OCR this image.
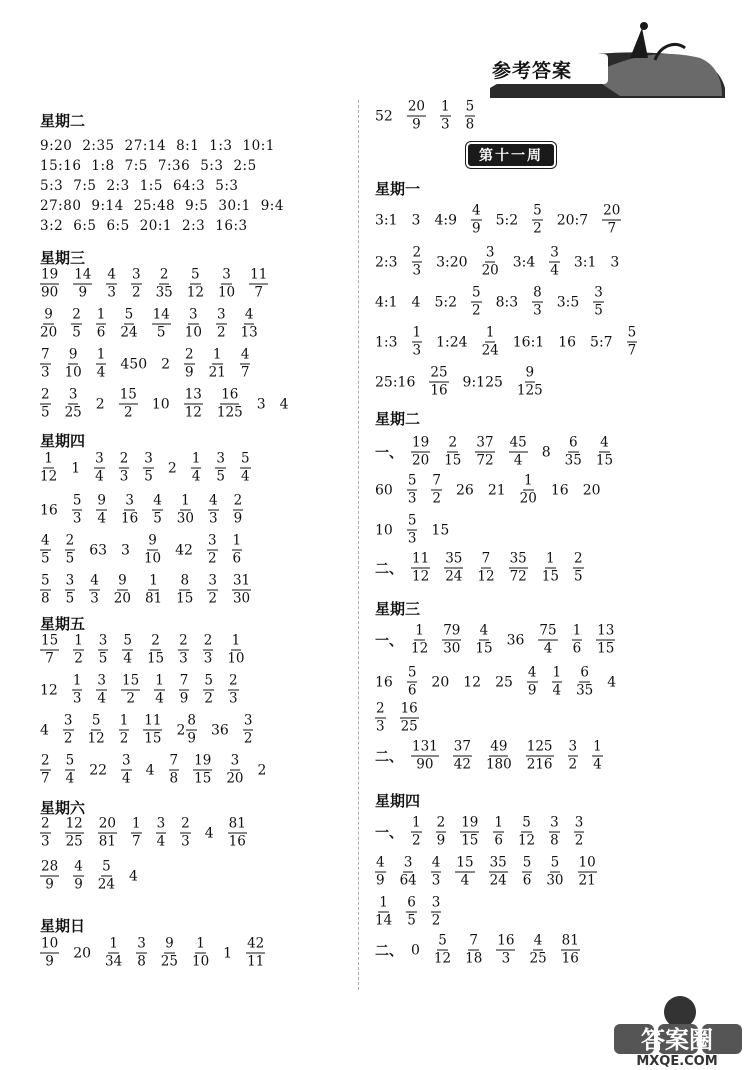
参考答案
星期二
9:20 2:35 27:14 8:1 1:3 10:1
15:16 1:8 7:5 7:36 5:3 2:5
5:3 7:5 2:3 1:5 64:3 5:3
27:80 9:14 25:48 9:5 30:1 9:4
3:2 6:5 6:5 20:1 2:3 16:3
星期三
$\frac{19}{90} \frac{14}{9} \frac{4}{3} \frac{3}{2} \frac{2}{35} \frac{5}{12} \frac{3}{10} \frac{11}{7}$
$\frac{9}{20} \frac{2}{5} \frac{1}{6} \frac{5}{24} \frac{14}{5} \frac{3}{10} \frac{3}{2} \frac{4}{13}$
$\frac{7}{3} \frac{9}{10} \frac{1}{4} 450$ $2 \frac{2}{9} \frac{1}{21} \frac{4}{7}$
$\frac{2}{5} \frac{3}{25} 2 \frac{15}{2} 10 \frac{13}{12} \frac{16}{125} 3$ 4
星期四
$\frac{1}{12} 1 \frac{3}{4} \frac{2}{3} \frac{3}{5} 2 \frac{1}{4} \frac{3}{5} \frac{5}{4}$
$16 \frac{5}{3} \frac{9}{4} \frac{3}{16} \frac{4}{5} \frac{1}{30} \frac{4}{3} \frac{2}{9}$
$\frac{4}{5} \frac{2}{5} 63$ $3 \frac{9}{10} 42 \frac{3}{2} \frac{1}{6}$
$\frac{5}{8} \frac{3}{5} \frac{4}{3} \frac{9}{20} \frac{1}{81} \frac{8}{15} \frac{3}{2} \frac{31}{30}$
星期五
$\frac{15}{7} \frac{1}{2} \frac{3}{5} \frac{5}{4} \frac{2}{15} \frac{2}{3} \frac{2}{3} \frac{1}{10}$
$12 \frac{1}{3} \frac{3}{4} \frac{15}{2} \frac{1}{4} \frac{7}{9} \frac{5}{2} \frac{2}{3}$
$4 \frac{3}{2} \frac{5}{12} \frac{1}{2} \frac{11}{15} 2 \frac{8}{9} 36 \frac{3}{2}$
$\frac{2}{7} \frac{5}{4} 22 \frac{3}{4} 4 \frac{7}{8} \frac{19}{15} \frac{3}{20} 2$
星期六
$\frac{2}{3} \frac{12}{25} \frac{20}{81} \frac{1}{7} \frac{3}{4} \frac{2}{3} 4 \frac{81}{16}$
$\frac{28}{9} \frac{4}{9} \frac{5}{24} 4$
星期日
$\frac{10}{9} 20 \frac{1}{34} \frac{3}{8} \frac{9}{25} \frac{1}{10} 1 \frac{42}{11}$
$52 \frac{20}{9} \frac{1}{3} \frac{5}{8}$
星期一
3:1 3 4:9 $\frac{4}{9}$ 5:2 $\frac{5}{2}$ 20:7 $\frac{20}{7}$
2:3 $\frac{2}{3}$ 3:20 $\frac{3}{20}$ 3:4 $\frac{3}{4}$ 3:1 3
4:1 4 5:2 $\frac{5}{2}$ 8:3 $\frac{8}{3}$ 3:5 $\frac{3}{5}$
1:3 $\frac{1}{3}$ 1:24 $\frac{1}{24}$ 16:1 16 5:7 $\frac{5}{7}$
25:16 $\frac{25}{16}$ 9:125 $\frac{9}{125}$
星期二
一、 $\frac{19}{20} \frac{2}{15} \frac{37}{72} \frac{45}{4} 8 \frac{6}{35} \frac{4}{15}$
$60 \frac{5}{3} \frac{7}{2} 26$ $21 \frac{1}{20} 16$ 20
$10 \frac{5}{3} 15$
二、 $\frac{11}{12} \frac{35}{24} \frac{7}{12} \frac{35}{72} \frac{1}{15} \frac{2}{5}$
星期三
一、 $\frac{1}{12} \frac{79}{30} \frac{4}{15} 36 \frac{75}{4} \frac{1}{6} \frac{13}{15}$
$16 \frac{5}{6} 20$ 12 $25 \frac{4}{9} \frac{1}{4} \frac{6}{35} 4$
$\frac{2}{3} \frac{16}{25}$
二、 $\frac{131}{90} \frac{37}{42} \frac{49}{180} \frac{125}{216} \frac{3}{2} \frac{1}{4}$
星期四
一、 $\frac{1}{2} \frac{2}{9} \frac{19}{15} \frac{1}{6} \frac{5}{12} \frac{3}{8} \frac{3}{2}$
$\frac{4}{9} \frac{3}{64} \frac{4}{3} \frac{15}{4} \frac{35}{24} \frac{5}{6} \frac{5}{30} \frac{10}{21}$
$\frac{1}{14} \frac{6}{5} \frac{3}{2}$
二、 $0 \frac{5}{12} \frac{7}{18} \frac{16}{3} \frac{4}{25} \frac{81}{16}$
第十一周
答案圈
MXQE.COM
